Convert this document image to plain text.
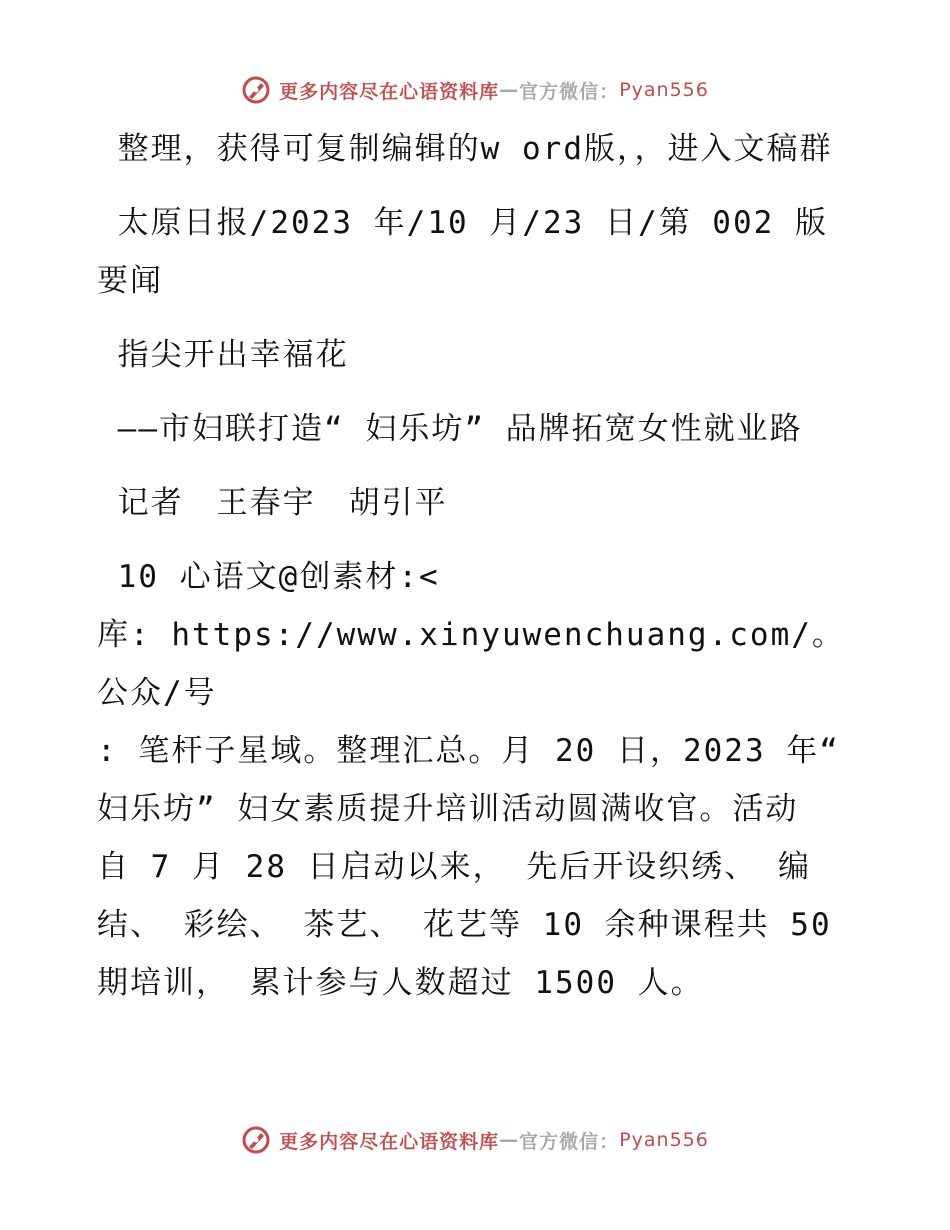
更多内容尽在心语资料库 — 官方微信： Pyan556

整理，获得可复制编辑的w ord版，，进入文稿群

太原日报/2023 年/10 月/23 日/第 002 版要闻

指尖开出幸福花

——市妇联打造“ 妇乐坊” 品牌拓宽女性就业路

记者　王春宇　胡引平

10 心语文@创素材:<

库: https://www.xinyuwenchuang.com/。公众/号

: 笔杆子星域。整理汇总。月 20 日，2023 年“

妇乐坊” 妇女素质提升培训活动圆满收官。活动

自 7 月 28 日启动以来， 先后开设织绣、 编

结、 彩绘、 茶艺、 花艺等 10 余种课程共 50

期培训， 累计参与人数超过 1500 人。

更多内容尽在心语资料库 — 官方微信： Pyan556
